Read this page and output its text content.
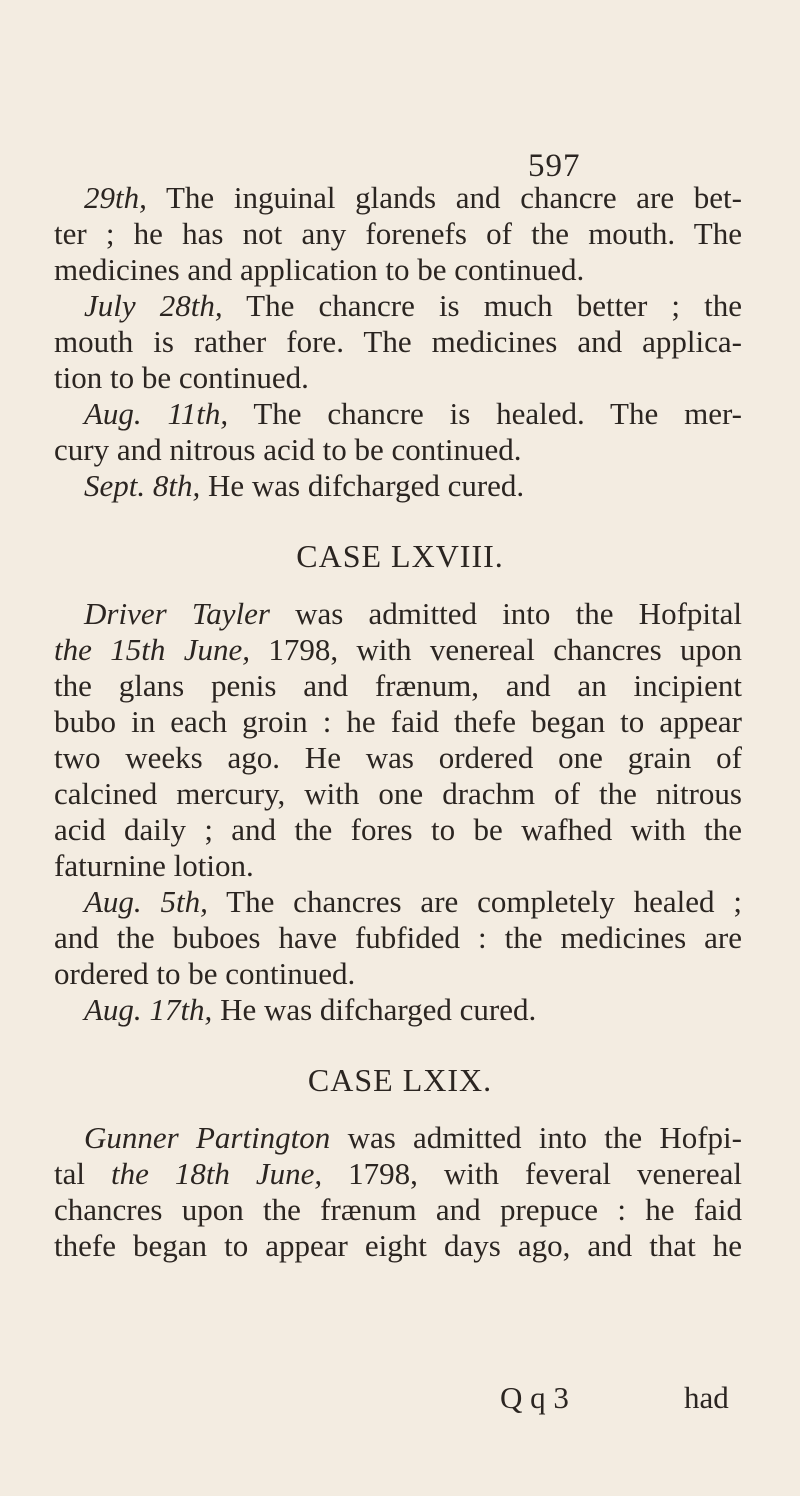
597
29th, The inguinal glands and chancre are bet-
ter ; he has not any forenefs of the mouth. The
medicines and application to be continued.
July 28th, The chancre is much better ; the
mouth is rather fore. The medicines and applica-
tion to be continued.
Aug. 11th, The chancre is healed. The mer-
cury and nitrous acid to be continued.
Sept. 8th, He was difcharged cured.
CASE LXVIII.
Driver Tayler was admitted into the Hofpital
the 15th June, 1798, with venereal chancres upon
the glans penis and frænum, and an incipient
bubo in each groin : he faid thefe began to appear
two weeks ago. He was ordered one grain of
calcined mercury, with one drachm of the nitrous
acid daily ; and the fores to be wafhed with the
faturnine lotion.
Aug. 5th, The chancres are completely healed ;
and the buboes have fubfided : the medicines are
ordered to be continued.
Aug. 17th, He was difcharged cured.
CASE LXIX.
Gunner Partington was admitted into the Hofpi-
tal the 18th June, 1798, with feveral venereal
chancres upon the frænum and prepuce : he faid
thefe began to appear eight days ago, and that he
Q q 3	had
